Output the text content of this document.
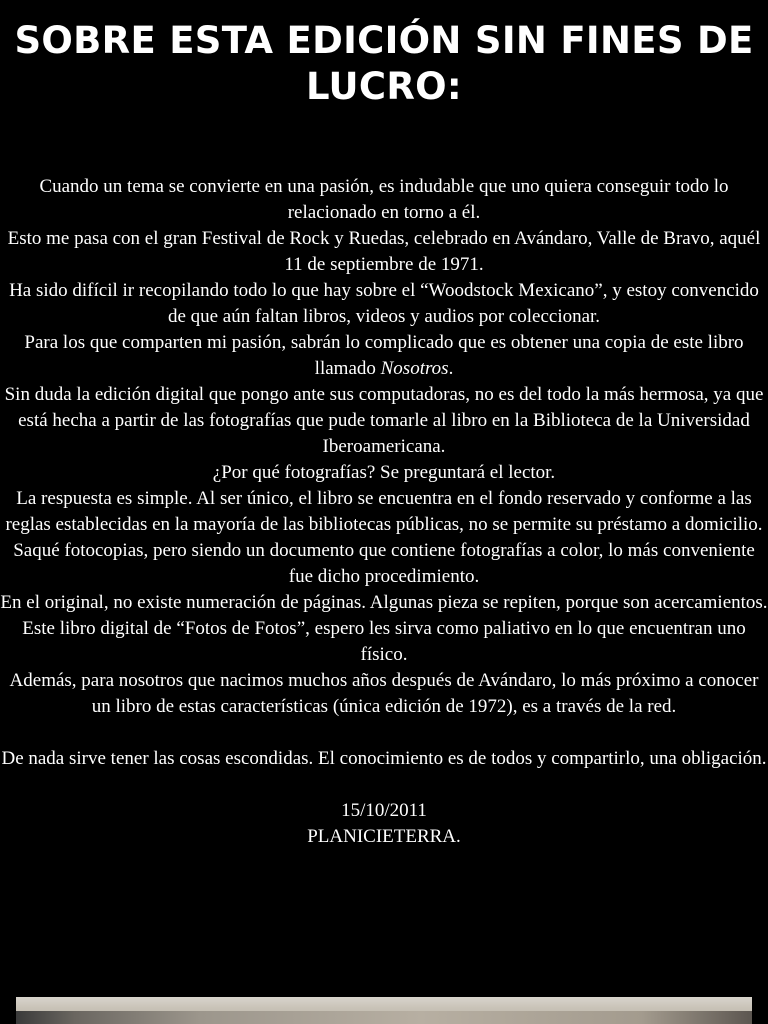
SOBRE ESTA EDICIÓN SIN FINES DE LUCRO:

Cuando un tema se convierte en una pasión, es indudable que uno quiera conseguir todo lo relacionado en torno a él.

Esto me pasa con el gran Festival de Rock y Ruedas, celebrado en Avándaro, Valle de Bravo, aquél 11 de septiembre de 1971.

Ha sido difícil ir recopilando todo lo que hay sobre el “Woodstock Mexicano”, y estoy convencido de que aún faltan libros, videos y audios por coleccionar.

Para los que comparten mi pasión, sabrán lo complicado que es obtener una copia de este libro llamado Nosotros.

Sin duda la edición digital que pongo ante sus computadoras, no es del todo la más hermosa, ya que está hecha a partir de las fotografías que pude tomarle al libro en la Biblioteca de la Universidad Iberoamericana.

¿Por qué fotografías? Se preguntará el lector.

La respuesta es simple. Al ser único, el libro se encuentra en el fondo reservado y conforme a las reglas establecidas en la mayoría de las bibliotecas públicas, no se permite su préstamo a domicilio. Saqué fotocopias, pero siendo un documento que contiene fotografías a color, lo más conveniente fue dicho procedimiento.

En el original, no existe numeración de páginas. Algunas pieza se repiten, porque son acercamientos.

Este libro digital de “Fotos de Fotos”, espero les sirva como paliativo en lo que encuentran uno físico.

Además, para nosotros que nacimos muchos años después de Avándaro, lo más próximo a conocer un libro de estas características (única edición de 1972), es a través de la red.

De nada sirve tener las cosas escondidas. El conocimiento es de todos y compartirlo, una obligación.

15/10/2011

PLANICIETERRA.
